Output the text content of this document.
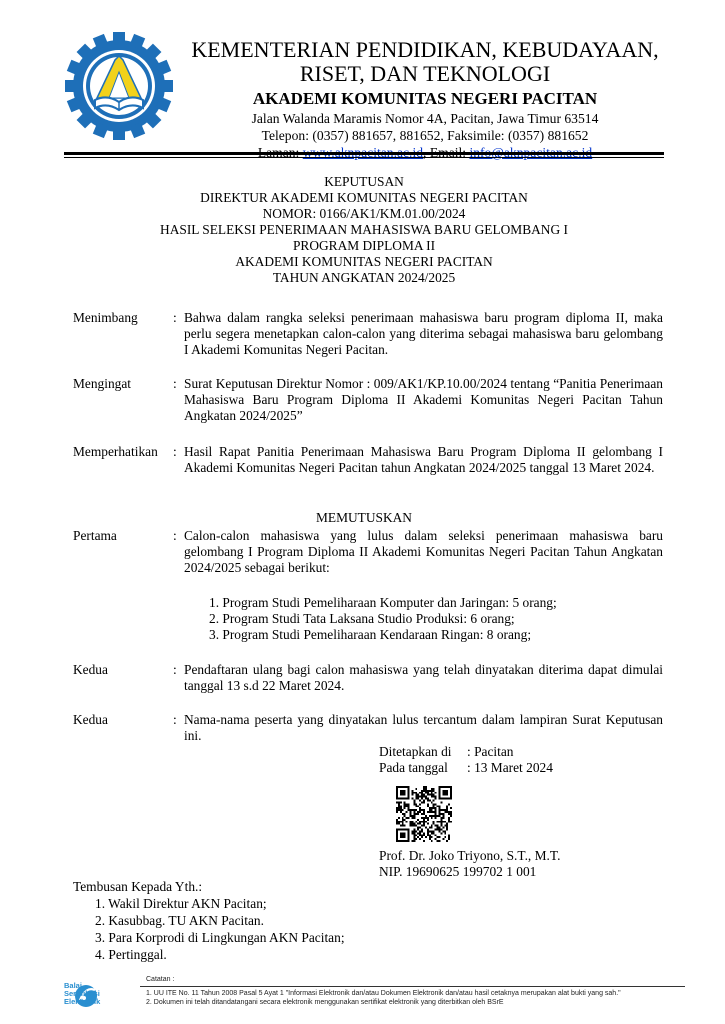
KEMENTERIAN PENDIDIKAN, KEBUDAYAAN,
RISET, DAN TEKNOLOGI
AKADEMI KOMUNITAS NEGERI PACITAN
Jalan Walanda Maramis Nomor 4A, Pacitan, Jawa Timur 63514
Telepon: (0357) 881657, 881652, Faksimile: (0357) 881652
KEPUTUSAN
DIREKTUR AKADEMI KOMUNITAS NEGERI PACITAN
NOMOR: 0166/AK1/KM.01.00/2024
HASIL SELEKSI PENERIMAAN MAHASISWA BARU GELOMBANG I
PROGRAM DIPLOMA II
AKADEMI KOMUNITAS NEGERI PACITAN
TAHUN ANGKATAN 2024/2025
Menimbang	: Bahwa dalam rangka seleksi penerimaan mahasiswa baru program diploma II, maka perlu segera menetapkan calon-calon yang diterima sebagai mahasiswa baru gelombang I Akademi Komunitas Negeri Pacitan.
Mengingat	: Surat Keputusan Direktur Nomor : 009/AK1/KP.10.00/2024 tentang “Panitia Penerimaan Mahasiswa Baru Program Diploma II Akademi Komunitas Negeri Pacitan Tahun Angkatan 2024/2025”
Memperhatikan	: Hasil Rapat Panitia Penerimaan Mahasiswa Baru Program Diploma II gelombang I Akademi Komunitas Negeri Pacitan tahun Angkatan 2024/2025 tanggal 13 Maret 2024.
MEMUTUSKAN
Pertama	: Calon-calon mahasiswa yang lulus dalam seleksi penerimaan mahasiswa baru gelombang I Program Diploma II Akademi Komunitas Negeri Pacitan Tahun Angkatan 2024/2025 sebagai berikut:
1. Program Studi Pemeliharaan Komputer dan Jaringan: 5 orang;
2. Program Studi Tata Laksana Studio Produksi: 6 orang;
3. Program Studi Pemeliharaan Kendaraan Ringan: 8 orang;
Kedua	: Pendaftaran ulang bagi calon mahasiswa yang telah dinyatakan diterima dapat dimulai tanggal 13 s.d 22 Maret 2024.
Kedua	: Nama-nama peserta yang dinyatakan lulus tercantum dalam lampiran Surat Keputusan ini.
Ditetapkan di : Pacitan
Pada tanggal : 13 Maret 2024
Prof. Dr. Joko Triyono, S.T., M.T.
NIP. 19690625 199702 1 001
Tembusan Kepada Yth.:
1. Wakil Direktur AKN Pacitan;
2. Kasubbag. TU AKN Pacitan.
3. Para Korprodi di Lingkungan AKN Pacitan;
4. Pertinggal.
Balai
Sertifikasi
Elektronik
Catatan :
1. UU ITE No. 11 Tahun 2008 Pasal 5 Ayat 1 "Informasi Elektronik dan/atau Dokumen Elektronik dan/atau hasil cetaknya merupakan alat bukti yang sah."
2. Dokumen ini telah ditandatangani secara elektronik menggunakan sertifikat elektronik yang diterbitkan oleh BSrE
